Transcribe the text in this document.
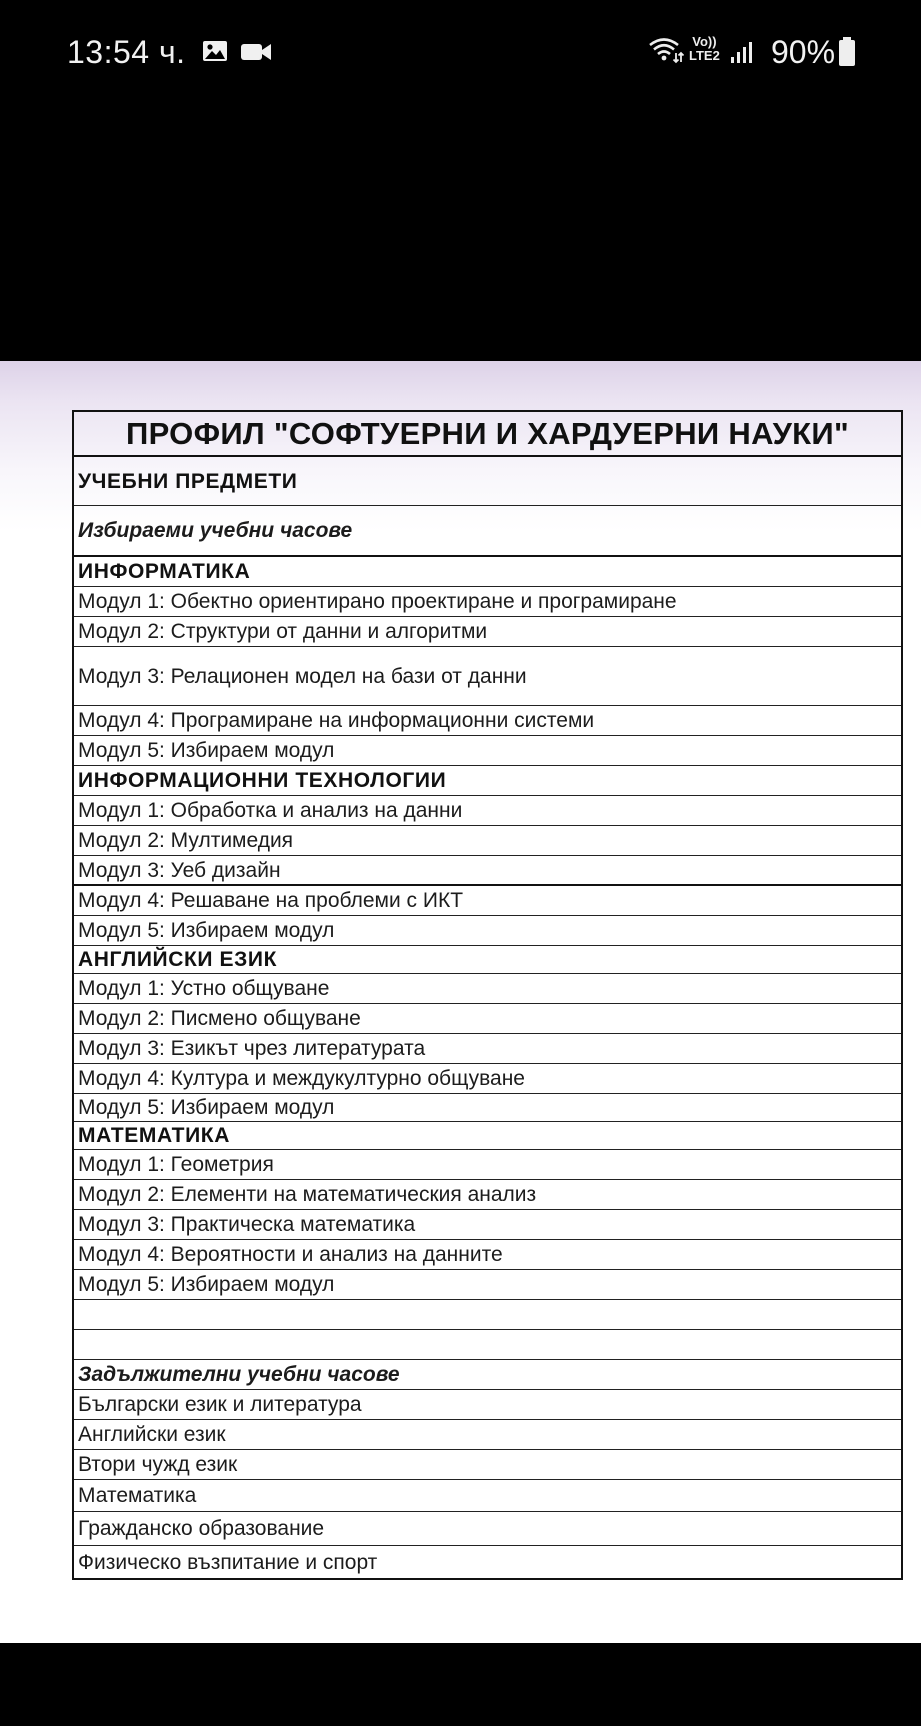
13:54 ч.	Vo))
LTE2 90%
ПРОФИЛ "СОФТУЕРНИ И ХАРДУЕРНИ НАУКИ"
УЧЕБНИ ПРЕДМЕТИ
Избираеми учебни часове
ИНФОРМАТИКА
Модул 1: Обектно ориентирано проектиране и програмиране
Модул 2: Структури от данни и алгоритми
Модул 3: Релационен модел на бази от данни
Модул 4: Програмиране на информационни системи
Модул 5: Избираем модул
ИНФОРМАЦИОННИ ТЕХНОЛОГИИ
Модул 1: Обработка и анализ на данни
Модул 2: Мултимедия
Модул 3: Уеб дизайн
Модул 4: Решаване на проблеми с ИКТ
Модул 5: Избираем модул
АНГЛИЙСКИ ЕЗИК
Модул 1: Устно общуване
Модул 2: Писмено общуване
Модул 3: Езикът чрез литературата
Модул 4: Култура и междукултурно общуване
Модул 5: Избираем модул
МАТЕМАТИКА
Модул 1: Геометрия
Модул 2: Елементи на математическия анализ
Модул 3: Практическа математика
Модул 4: Вероятности и анализ на данните
Модул 5: Избираем модул
Задължителни учебни часове
Български език и литература
Английски език
Втори чужд език
Математика
Гражданско образование
Физическо възпитание и спорт
